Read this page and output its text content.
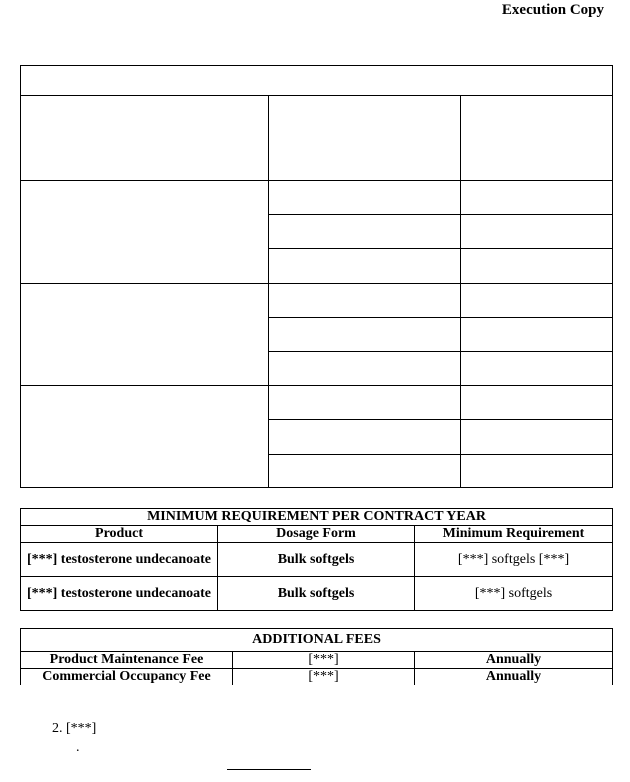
Execution Copy

MINIMUM REQUIREMENT PER CONTRACT YEAR		
Product	Dosage Form	Minimum Requirement
[***] testosterone undecanoate	Bulk softgels	[***] softgels [***]
[***] testosterone undecanoate	Bulk softgels	[***] softgels
ADDITIONAL FEES		
Product Maintenance Fee	[***]	Annually
Commercial Occupancy Fee	[***]	Annually
2. [***]
.
